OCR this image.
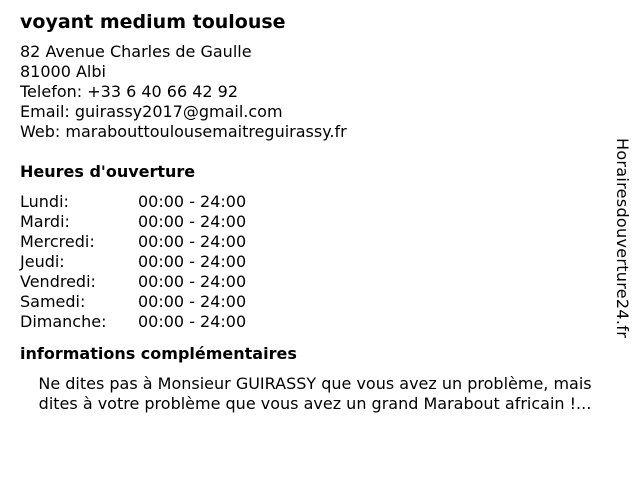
voyant medium toulouse
82 Avenue Charles de Gaulle
81000 Albi
Telefon: +33 6 40 66 42 92
Email: guirassy2017@gmail.com
Web: marabouttoulousemaitreguirassy.fr
Heures d'ouverture
Lundi:	00:00 - 24:00
Mardi:	00:00 - 24:00
Mercredi:	00:00 - 24:00
Jeudi:	00:00 - 24:00
Vendredi:	00:00 - 24:00
Samedi:	00:00 - 24:00
Dimanche:	00:00 - 24:00
informations complémentaires
Ne dites pas à Monsieur GUIRASSY que vous avez un problème, mais
dites à votre problème que vous avez un grand Marabout africain !...
Horairesdouverture24.fr
